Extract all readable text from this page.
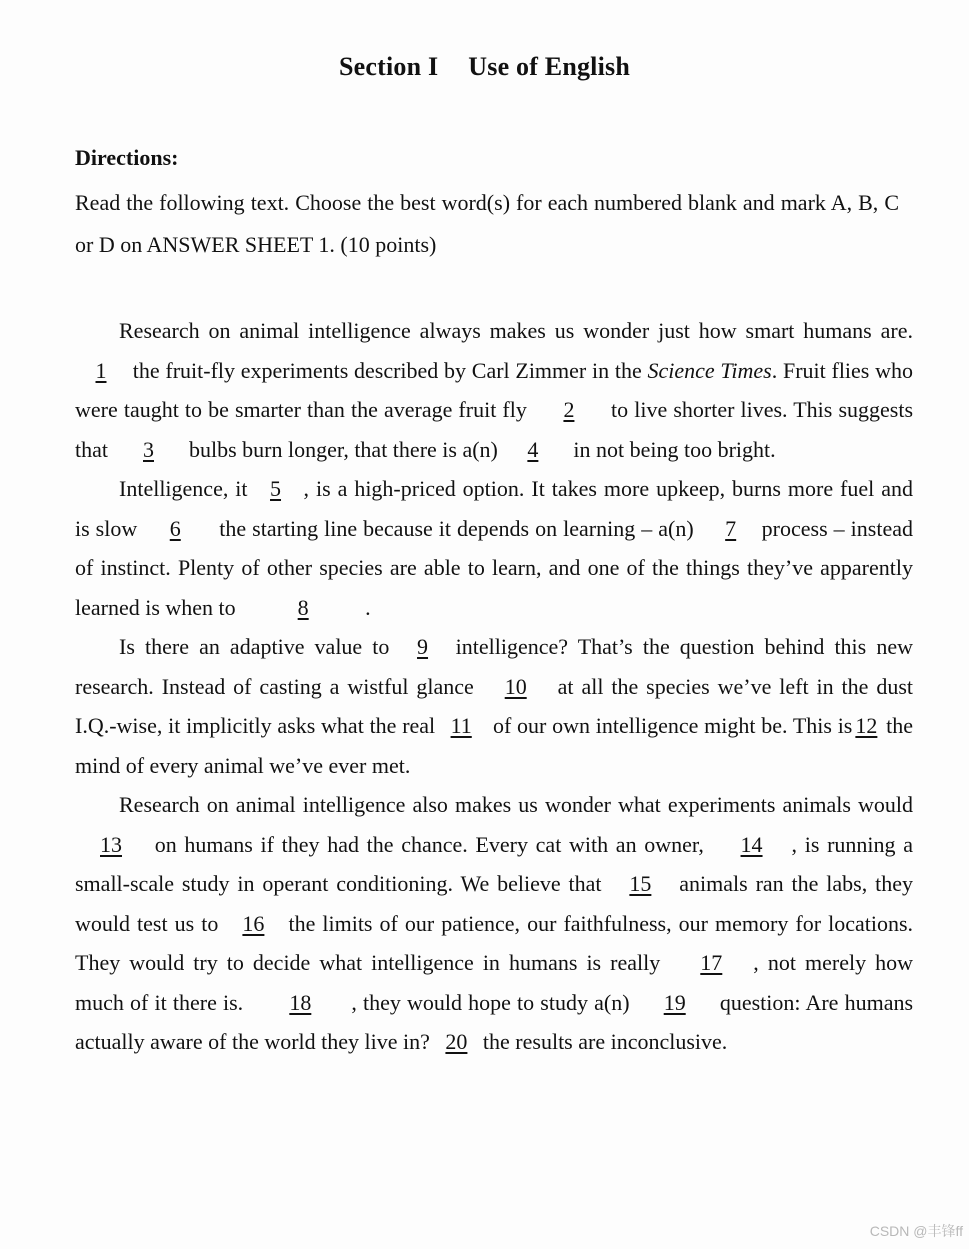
Section I Use of English
Directions:

Read the following text. Choose the best word(s) for each numbered blank and mark A, B, C or D on ANSWER SHEET 1. (10 points)

Research on animal intelligence always makes us wonder just how smart humans are. 1 the fruit-fly experiments described by Carl Zimmer in the Science Times. Fruit flies who were taught to be smarter than the average fruit fly 2 to live shorter lives. This suggests that 3 bulbs burn longer, that there is a(n) 4 in not being too bright.

Intelligence, it 5 , is a high-priced option. It takes more upkeep, burns more fuel and is slow 6 the starting line because it depends on learning – a(n) 7 process – instead of instinct. Plenty of other species are able to learn, and one of the things they’ve apparently learned is when to	8	.

Is there an adaptive value to 9 intelligence? That’s the question behind this new research. Instead of casting a wistful glance 10 at all the species we’ve left in the dust I.Q.-wise, it implicitly asks what the real 11 of our own intelligence might be. This is 12 the mind of every animal we’ve ever met.

Research on animal intelligence also makes us wonder what experiments animals would 13 on humans if they had the chance. Every cat with an owner, 14 , is running a small-scale study in operant conditioning. We believe that 15 animals ran the labs, they would test us to 16 the limits of our patience, our faithfulness, our memory for locations. They would try to decide what intelligence in humans is really 17 , not merely how much of it there is. 18 , they would hope to study a(n) 19 question: Are humans actually aware of the world they live in? 20 the results are inconclusive.

CSDN @丰锋ff
